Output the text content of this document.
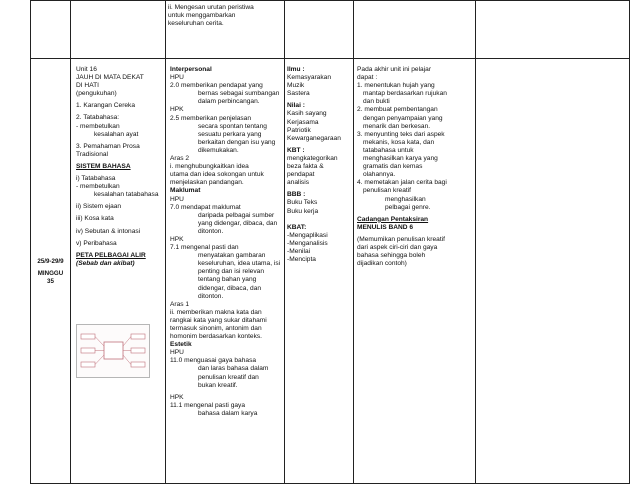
ii. Mengesan urutan peristiwa
untuk menggambarkan
keseluruhan cerita.
25/9-29/9
MINGGU
35
Unit 16
JAUH DI MATA DEKAT
DI HATI
(pengukuhan)
1. Karangan Cereka
2. Tatabahasa:
- membetulkan
kesalahan ayat
3. Pemahaman Prosa
Tradisional
SISTEM BAHASA
i) Tatabahasa
- membetulkan
kesalahan tatabahasa
ii) Sistem ejaan
iii) Kosa kata
iv) Sebutan & intonasi
v) Peribahasa
PETA PELBAGAI ALIR
(Sebab dan akibat)
Interpersonal
HPU
2.0 memberikan pendapat yang
bernas sebagai sumbangan
dalam perbincangan.
HPK
2.5 memberikan penjelasan
secara spontan tentang
sesuatu perkara yang
berkaitan dengan isu yang
dikemukakan.
Aras 2
i. menghubungkaitkan idea
utama dan idea sokongan untuk
menjelaskan pandangan.
Maklumat
HPU
7.0 mendapat maklumat
daripada pelbagai sumber
yang didengar, dibaca, dan
ditonton.
HPK
7.1 mengenal pasti dan
menyatakan gambaran
keseluruhan, idea utama, isi
penting dan isi relevan
tentang bahan yang
didengar, dibaca, dan
ditonton.
Aras 1
ii. memberikan makna kata dan
rangkai kata yang sukar ditahami
termasuk sinonim, antonim dan
homonim berdasarkan konteks.
Estetik
HPU
11.0 menguasai gaya bahasa
dan laras bahasa dalam
penulisan kreatif dan
bukan kreatif.
HPK
11.1 mengenal pasti gaya
bahasa dalam karya
Ilmu :
Kemasyarakan
Muzik
Sastera
Nilai :
Kasih sayang
Kerjasama
Patriotik
Kewarganegaraan
KBT :
mengkategorikan
beza fakta &
pendapat
analisis
BBB :
Buku Teks
Buku kerja
KBAT:
-Mengaplikasi
-Menganalisis
-Menilai
-Mencipta
Pada akhir unit ini pelajar
dapat :
1. menentukan hujah yang
mantap berdasarkan rujukan
dan bukti
2. membuat pembentangan
dengan penyampaian yang
menarik dan berkesan.
3. menyunting teks dari aspek
mekanis, kosa kata, dan
tatabahasa untuk
menghasilkan karya yang
gramatis dan kemas
olahannya.
4. memetakan jalan cerita bagi
penulisan kreatif
menghasilkan
pelbagai genre.
Cadangan Pentaksiran
MENULIS BAND 6
(Memumikan penulisan kreatif
dari aspek ciri-ciri dan gaya
bahasa sehingga boleh
dijadikan contoh)
